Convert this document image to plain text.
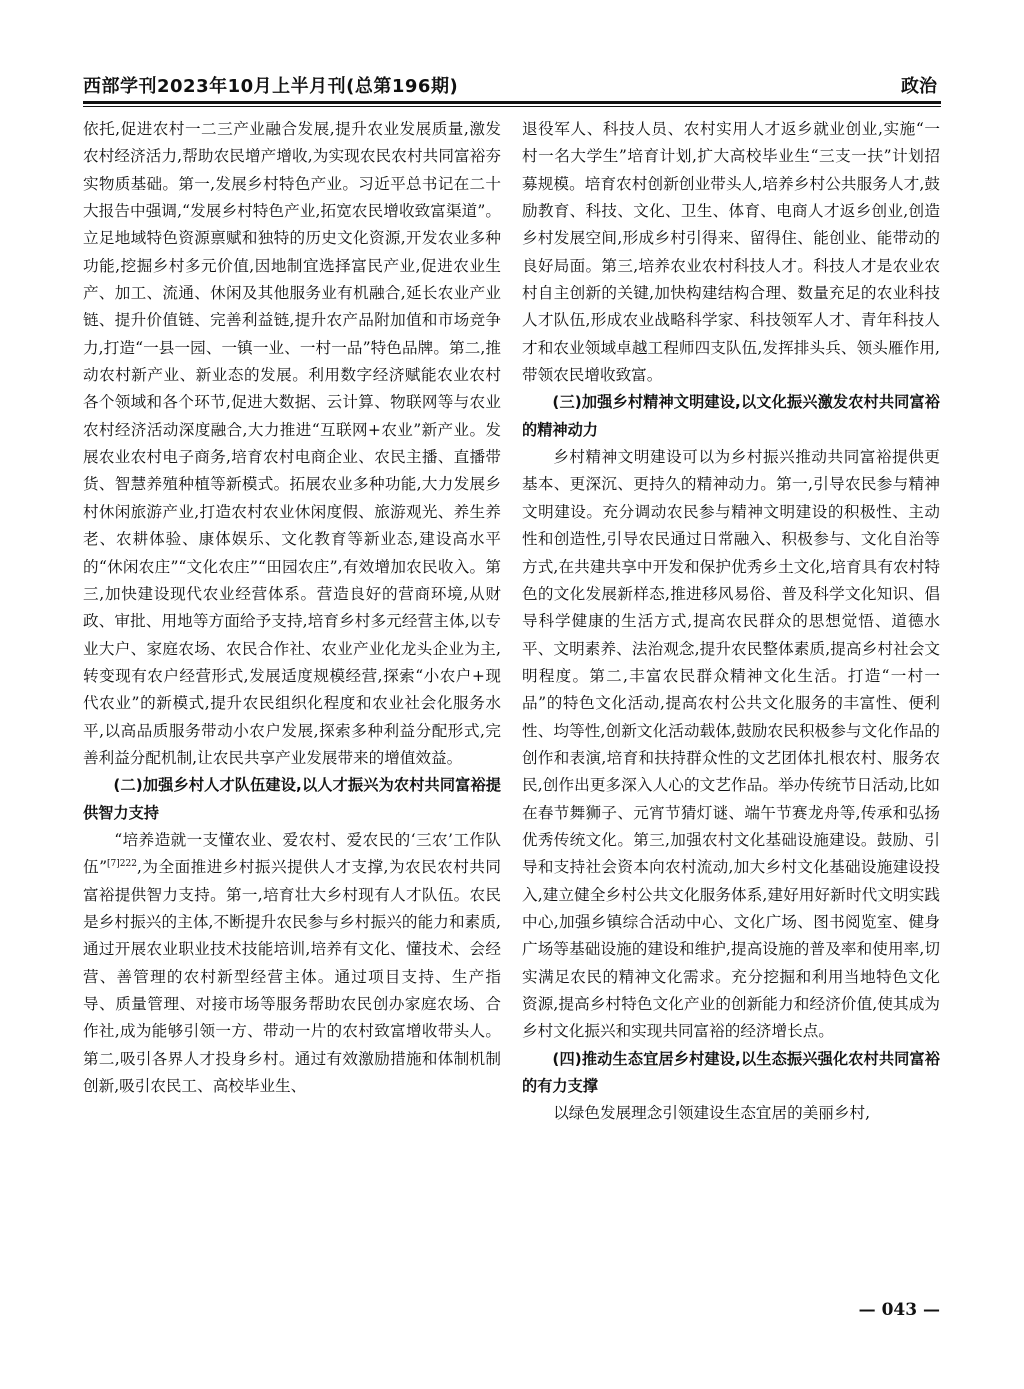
西部学刊2023年10月上半月刊(总第196期)	政治

依托,促进农村一二三产业融合发展,提升农业发展质量,激发农村经济活力,帮助农民增产增收,为实现农民农村共同富裕夯实物质基础。第一,发展乡村特色产业。习近平总书记在二十大报告中强调,“发展乡村特色产业,拓宽农民增收致富渠道”。立足地域特色资源禀赋和独特的历史文化资源,开发农业多种功能,挖掘乡村多元价值,因地制宜选择富民产业,促进农业生产、加工、流通、休闲及其他服务业有机融合,延长农业产业链、提升价值链、完善利益链,提升农产品附加值和市场竞争力,打造“一县一园、一镇一业、一村一品”特色品牌。第二,推动农村新产业、新业态的发展。利用数字经济赋能农业农村各个领域和各个环节,促进大数据、云计算、物联网等与农业农村经济活动深度融合,大力推进“互联网+农业”新产业。发展农业农村电子商务,培育农村电商企业、农民主播、直播带货、智慧养殖种植等新模式。拓展农业多种功能,大力发展乡村休闲旅游产业,打造农村农业休闲度假、旅游观光、养生养老、农耕体验、康体娱乐、文化教育等新业态,建设高水平的“休闲农庄”“文化农庄”“田园农庄”,有效增加农民收入。第三,加快建设现代农业经营体系。营造良好的营商环境,从财政、审批、用地等方面给予支持,培育乡村多元经营主体,以专业大户、家庭农场、农民合作社、农业产业化龙头企业为主,转变现有农户经营形式,发展适度规模经营,探索“小农户+现代农业”的新模式,提升农民组织化程度和农业社会化服务水平,以高品质服务带动小农户发展,探索多种利益分配形式,完善利益分配机制,让农民共享产业发展带来的增值效益。

(二)加强乡村人才队伍建设,以人才振兴为农村共同富裕提供智力支持

“培养造就一支懂农业、爱农村、爱农民的‘三农’工作队伍”$^{[7]222}$,为全面推进乡村振兴提供人才支撑,为农民农村共同富裕提供智力支持。第一,培育壮大乡村现有人才队伍。农民是乡村振兴的主体,不断提升农民参与乡村振兴的能力和素质,通过开展农业职业技术技能培训,培养有文化、懂技术、会经营、善管理的农村新型经营主体。通过项目支持、生产指导、质量管理、对接市场等服务帮助农民创办家庭农场、合作社,成为能够引领一方、带动一片的农村致富增收带头人。第二,吸引各界人才投身乡村。通过有效激励措施和体制机制创新,吸引农民工、高校毕业生、

退役军人、科技人员、农村实用人才返乡就业创业,实施“一村一名大学生”培育计划,扩大高校毕业生“三支一扶”计划招募规模。培育农村创新创业带头人,培养乡村公共服务人才,鼓励教育、科技、文化、卫生、体育、电商人才返乡创业,创造乡村发展空间,形成乡村引得来、留得住、能创业、能带动的良好局面。第三,培养农业农村科技人才。科技人才是农业农村自主创新的关键,加快构建结构合理、数量充足的农业科技人才队伍,形成农业战略科学家、科技领军人才、青年科技人才和农业领域卓越工程师四支队伍,发挥排头兵、领头雁作用,带领农民增收致富。

(三)加强乡村精神文明建设,以文化振兴激发农村共同富裕的精神动力

乡村精神文明建设可以为乡村振兴推动共同富裕提供更基本、更深沉、更持久的精神动力。第一,引导农民参与精神文明建设。充分调动农民参与精神文明建设的积极性、主动性和创造性,引导农民通过日常融入、积极参与、文化自治等方式,在共建共享中开发和保护优秀乡土文化,培育具有农村特色的文化发展新样态,推进移风易俗、普及科学文化知识、倡导科学健康的生活方式,提高农民群众的思想觉悟、道德水平、文明素养、法治观念,提升农民整体素质,提高乡村社会文明程度。第二,丰富农民群众精神文化生活。打造“一村一品”的特色文化活动,提高农村公共文化服务的丰富性、便利性、均等性,创新文化活动载体,鼓励农民积极参与文化作品的创作和表演,培育和扶持群众性的文艺团体扎根农村、服务农民,创作出更多深入人心的文艺作品。举办传统节日活动,比如在春节舞狮子、元宵节猜灯谜、端午节赛龙舟等,传承和弘扬优秀传统文化。第三,加强农村文化基础设施建设。鼓励、引导和支持社会资本向农村流动,加大乡村文化基础设施建设投入,建立健全乡村公共文化服务体系,建好用好新时代文明实践中心,加强乡镇综合活动中心、文化广场、图书阅览室、健身广场等基础设施的建设和维护,提高设施的普及率和使用率,切实满足农民的精神文化需求。充分挖掘和利用当地特色文化资源,提高乡村特色文化产业的创新能力和经济价值,使其成为乡村文化振兴和实现共同富裕的经济增长点。

(四)推动生态宜居乡村建设,以生态振兴强化农村共同富裕的有力支撑

以绿色发展理念引领建设生态宜居的美丽乡村,

— 043 —
